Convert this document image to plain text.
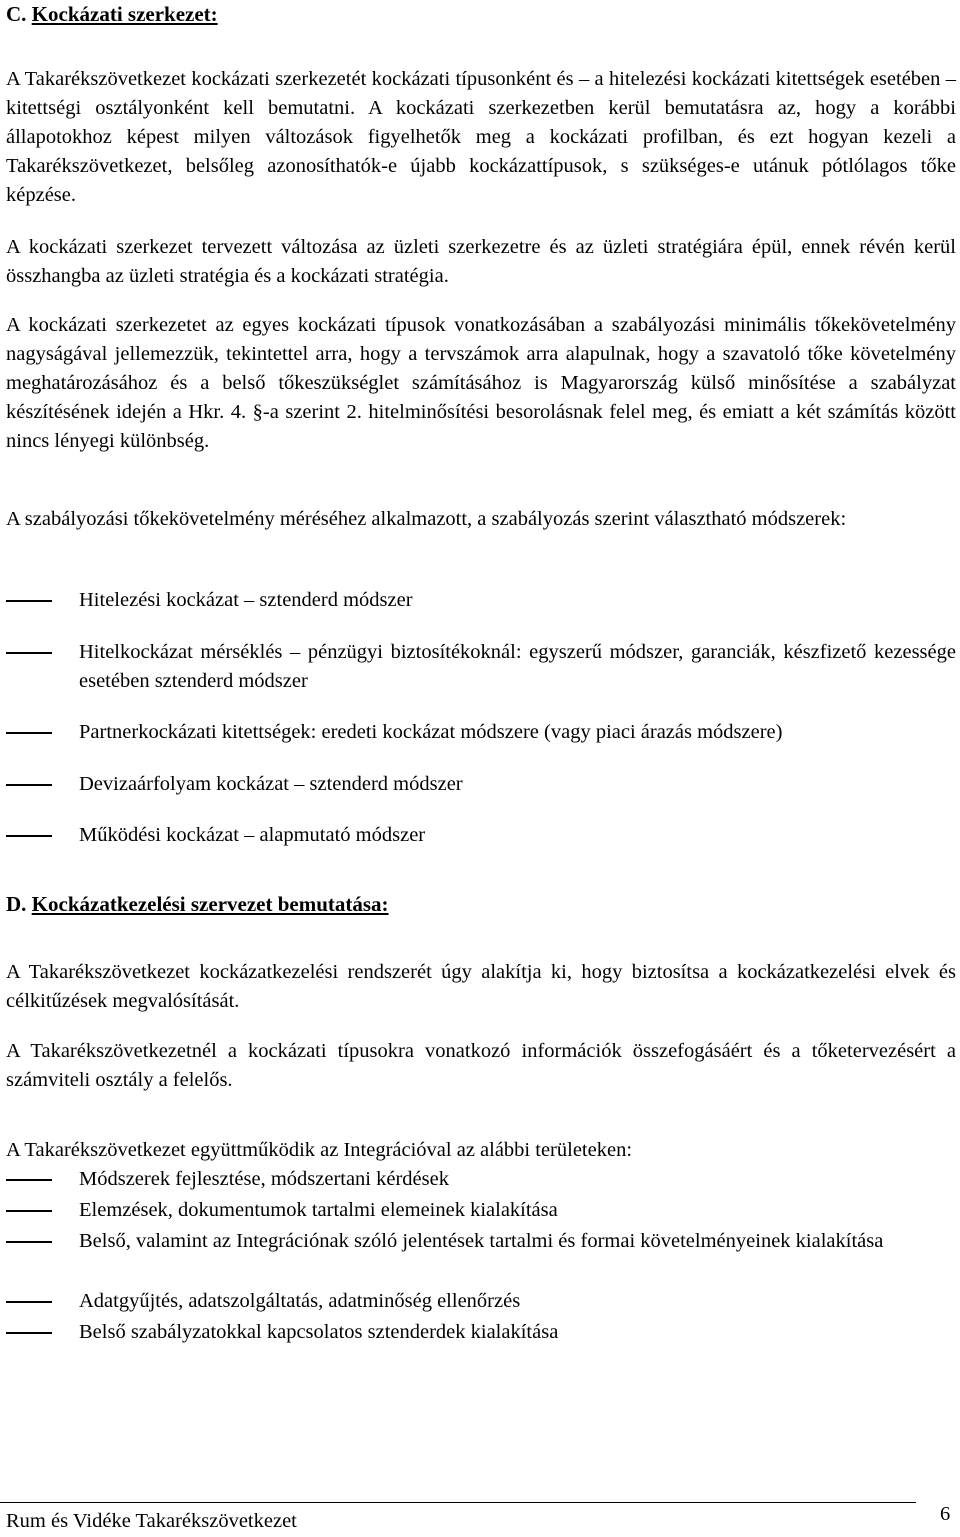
C. Kockázati szerkezet:

A Takarékszövetkezet kockázati szerkezetét kockázati típusonként és – a hitelezési kockázati kitettségek esetében – kitettségi osztályonként kell bemutatni. A kockázati szerkezetben kerül bemutatásra az, hogy a korábbi állapotokhoz képest milyen változások figyelhetők meg a kockázati profilban, és ezt hogyan kezeli a Takarékszövetkezet, belsőleg azonosíthatók-e újabb kockázattípusok, s szükséges-e utánuk pótlólagos tőke képzése.

A kockázati szerkezet tervezett változása az üzleti szerkezetre és az üzleti stratégiára épül, ennek révén kerül összhangba az üzleti stratégia és a kockázati stratégia.

A kockázati szerkezetet az egyes kockázati típusok vonatkozásában a szabályozási minimális tőkekövetelmény nagyságával jellemezzük, tekintettel arra, hogy a tervszámok arra alapulnak, hogy a szavatoló tőke követelmény meghatározásához és a belső tőkeszükséglet számításához is Magyarország külső minősítése a szabályzat készítésének idején a Hkr. 4. §-a szerint 2. hitelminősítési besorolásnak felel meg, és emiatt a két számítás között nincs lényegi különbség.

A szabályozási tőkekövetelmény méréséhez alkalmazott, a szabályozás szerint választható módszerek:

Hitelezési kockázat – sztenderd módszer
Hitelkockázat mérséklés – pénzügyi biztosítékoknál: egyszerű módszer, garanciák, készfizető kezessége esetében sztenderd módszer
Partnerkockázati kitettségek: eredeti kockázat módszere (vagy piaci árazás módszere)
Devizaárfolyam kockázat – sztenderd módszer
Működési kockázat – alapmutató módszer
D. Kockázatkezelési szervezet bemutatása:

A Takarékszövetkezet kockázatkezelési rendszerét úgy alakítja ki, hogy biztosítsa a kockázatkezelési elvek és célkitűzések megvalósítását.

A Takarékszövetkezetnél a kockázati típusokra vonatkozó információk összefogásáért és a tőketervezésért a számviteli osztály a felelős.

A Takarékszövetkezet együttműködik az Integrációval az alábbi területeken:

Módszerek fejlesztése, módszertani kérdések
Elemzések, dokumentumok tartalmi elemeinek kialakítása
Belső, valamint az Integrációnak szóló jelentések tartalmi és formai követelményeinek kialakítása
Adatgyűjtés, adatszolgáltatás, adatminőség ellenőrzés
Belső szabályzatokkal kapcsolatos sztenderdek kialakítása
Rum és Vidéke Takarékszövetkezet	6
